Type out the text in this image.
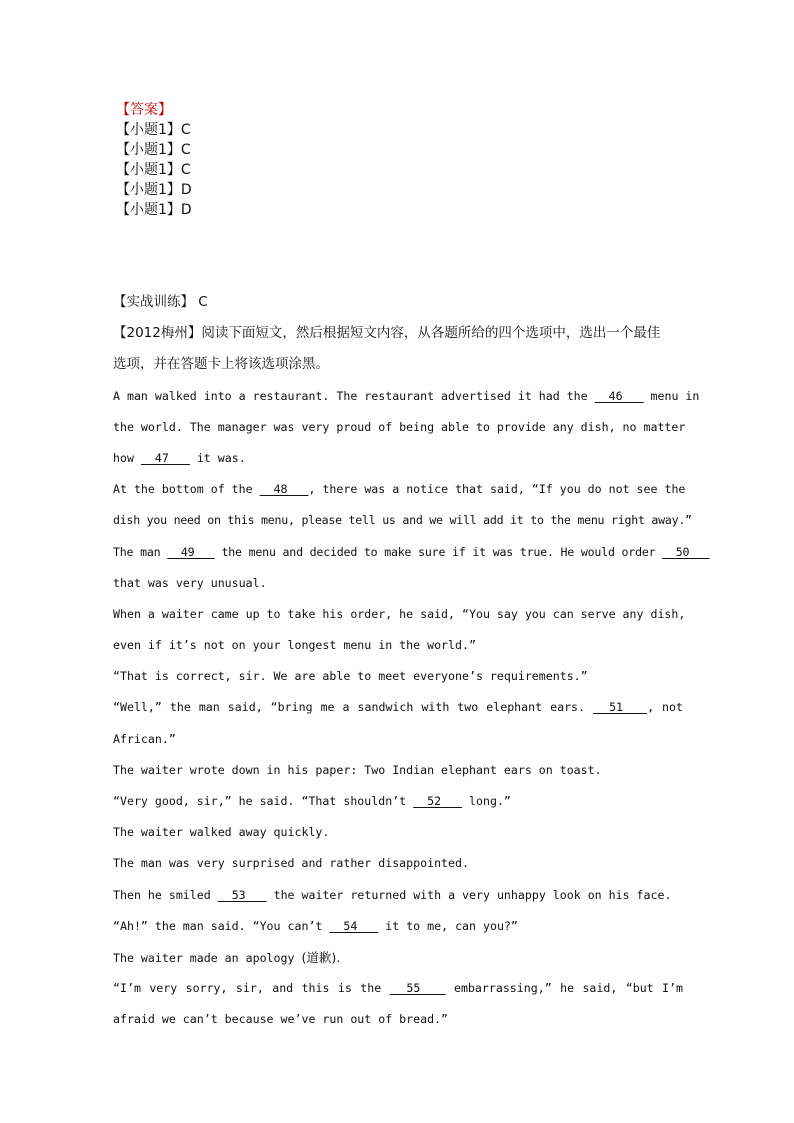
【答案】
【小题1】C
【小题1】C
【小题1】C
【小题1】D
【小题1】D
【实战训练】 C
【2012梅州】阅读下面短文，然后根据短文内容，从各题所给的四个选项中，选出一个最佳
选项，并在答题卡上将该选项涂黑。
A man walked into a restaurant. The restaurant advertised it had the 46 menu in
the world. The manager was very proud of being able to provide any dish, no matter
how 47 it was.
At the bottom of the 48 , there was a notice that said, “If you do not see the
dish you need on this menu, please tell us and we will add it to the menu right away.”
The man 49 the menu and decided to make sure if it was true. He would order 50
that was very unusual.
When a waiter came up to take his order, he said, “You say you can serve any dish,
even if it’s not on your longest menu in the world.”
“That is correct, sir. We are able to meet everyone’s requirements.”
“Well,” the man said, “bring me a sandwich with two elephant ears. 51 , not
African.”
The waiter wrote down in his paper: Two Indian elephant ears on toast.
“Very good, sir,” he said. “That shouldn’t 52 long.”
The waiter walked away quickly.
The man was very surprised and rather disappointed.
Then he smiled 53 the waiter returned with a very unhappy look on his face.
“Ah!” the man said. “You can’t 54 it to me, can you?”
The waiter made an apology (道歉).
“I’m very sorry, sir, and this is the 55	embarrassing,” he said, “but I’m
afraid we can’t because we’ve run out of bread.”
